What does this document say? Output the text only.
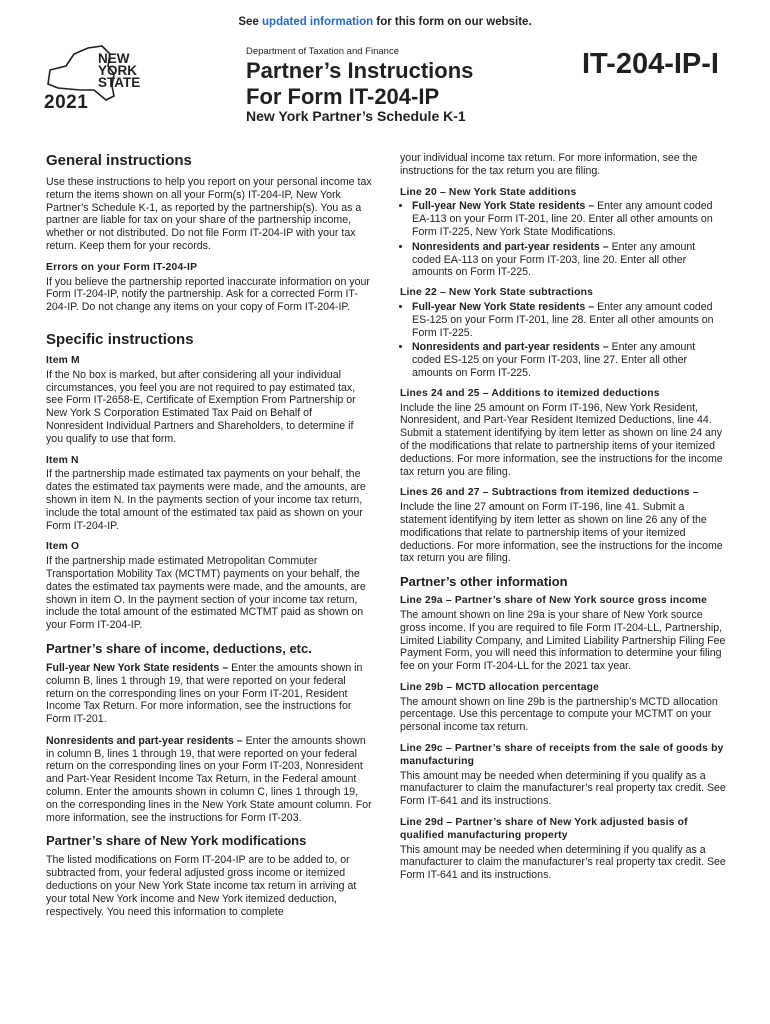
See updated information for this form on our website.
NEW
YORK
STATE
2021
Department of Taxation and Finance
Partner’s Instructions
For Form IT-204-IP
IT-204-IP-I
New York Partner’s Schedule K-1
General instructions

Use these instructions to help you report on your personal income tax return the items shown on all your Form(s) IT-204-IP, New York Partner’s Schedule K-1, as reported by the partnership(s). You as a partner are liable for tax on your share of the partnership income, whether or not distributed. Do not file Form IT-204-IP with your tax return. Keep them for your records.

Errors on your Form IT-204-IP

If you believe the partnership reported inaccurate information on your Form IT-204-IP, notify the partnership. Ask for a corrected Form IT-204-IP. Do not change any items on your copy of Form IT-204-IP.

Specific instructions
Item M

If the No box is marked, but after considering all your individual circumstances, you feel you are not required to pay estimated tax, see Form IT-2658-E, Certificate of Exemption From Partnership or New York S Corporation Estimated Tax Paid on Behalf of Nonresident Individual Partners and Shareholders, to determine if you qualify to use that form.

Item N

If the partnership made estimated tax payments on your behalf, the dates the estimated tax payments were made, and the amounts, are shown in item N. In the payments section of your income tax return, include the total amount of the estimated tax paid as shown on your Form IT-204-IP.

Item O

If the partnership made estimated Metropolitan Commuter Transportation Mobility Tax (MCTMT) payments on your behalf, the dates the estimated tax payments were made, and the amounts, are shown in item O. In the payment section of your income tax return, include the total amount of the estimated MCTMT paid as shown on your Form IT-204-IP.

Partner’s share of income, deductions, etc.

Full-year New York State residents – Enter the amounts shown in column B, lines 1 through 19, that were reported on your federal return on the corresponding lines on your Form IT-201, Resident Income Tax Return. For more information, see the instructions for Form IT-201.

Nonresidents and part-year residents – Enter the amounts shown in column B, lines 1 through 19, that were reported on your federal return on the corresponding lines on your Form IT-203, Nonresident and Part-Year Resident Income Tax Return, in the Federal amount column. Enter the amounts shown in column C, lines 1 through 19, on the corresponding lines in the New York State amount column. For more information, see the instructions for Form IT-203.

Partner’s share of New York modifications

The listed modifications on Form IT-204-IP are to be added to, or subtracted from, your federal adjusted gross income or itemized deductions on your New York State income tax return in arriving at your total New York income and New York itemized deduction, respectively. You need this information to complete

your individual income tax return. For more information, see the instructions for the tax return you are filing.

Line 20 – New York State additions
• Full-year New York State residents – Enter any amount coded EA-113 on your Form IT-201, line 20. Enter all other amounts on Form IT-225, New York State Modifications.
• Nonresidents and part-year residents – Enter any amount coded EA-113 on your Form IT-203, line 20. Enter all other amounts on Form IT-225.
Line 22 – New York State subtractions
• Full-year New York State residents – Enter any amount coded ES-125 on your Form IT-201, line 28. Enter all other amounts on Form IT-225.
• Nonresidents and part-year residents – Enter any amount coded ES-125 on your Form IT-203, line 27. Enter all other amounts on Form IT-225.
Lines 24 and 25 – Additions to itemized deductions

Include the line 25 amount on Form IT-196, New York Resident, Nonresident, and Part-Year Resident Itemized Deductions, line 44. Submit a statement identifying by item letter as shown on line 24 any of the modifications that relate to partnership items of your itemized deductions. For more information, see the instructions for the income tax return you are filing.

Lines 26 and 27 – Subtractions from itemized deductions –

Include the line 27 amount on Form IT-196, line 41. Submit a statement identifying by item letter as shown on line 26 any of the modifications that relate to partnership items of your itemized deductions. For more information, see the instructions for the income tax return you are filing.

Partner’s other information
Line 29a – Partner’s share of New York source gross income

The amount shown on line 29a is your share of New York source gross income. If you are required to file Form IT-204-LL, Partnership, Limited Liability Company, and Limited Liability Partnership Filing Fee Payment Form, you will need this information to determine your filing fee on your Form IT-204-LL for the 2021 tax year.

Line 29b – MCTD allocation percentage

The amount shown on line 29b is the partnership’s MCTD allocation percentage. Use this percentage to compute your MCTMT on your personal income tax return.

Line 29c – Partner’s share of receipts from the sale of goods by manufacturing

This amount may be needed when determining if you qualify as a manufacturer to claim the manufacturer’s real property tax credit. See Form IT-641 and its instructions.

Line 29d – Partner’s share of New York adjusted basis of qualified manufacturing property

This amount may be needed when determining if you qualify as a manufacturer to claim the manufacturer’s real property tax credit. See Form IT-641 and its instructions.
